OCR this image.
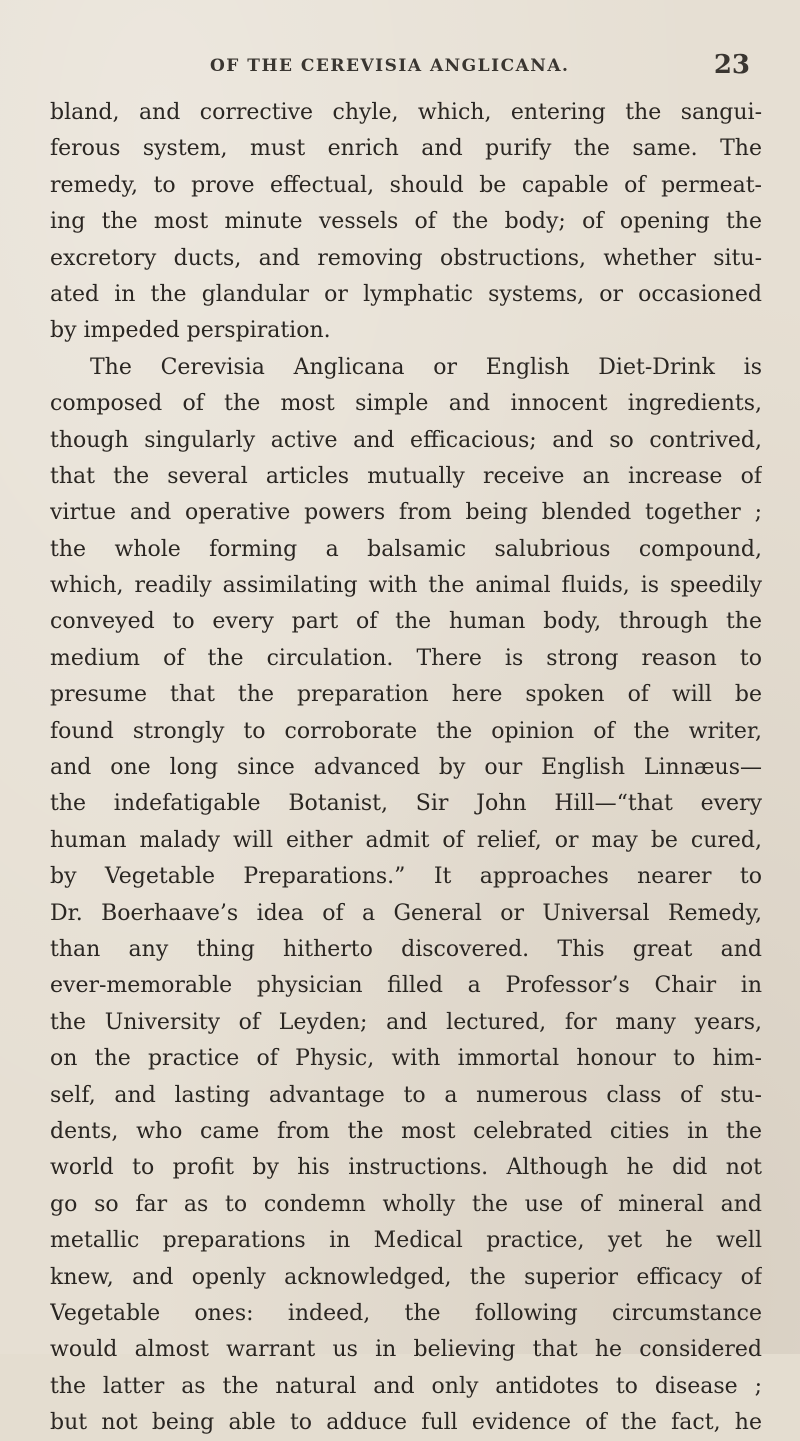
OF THE CEREVISIA ANGLICANA.	23
bland, and corrective chyle, which, entering the sangui-
ferous system, must enrich and purify the same. The
remedy, to prove effectual, should be capable of permeat-
ing the most minute vessels of the body; of opening the
excretory ducts, and removing obstructions, whether situ-
ated in the glandular or lymphatic systems, or occasioned
by impeded perspiration.
The Cerevisia Anglicana or English Diet-Drink is
composed of the most simple and innocent ingredients,
though singularly active and efficacious; and so contrived,
that the several articles mutually receive an increase of
virtue and operative powers from being blended together ;
the whole forming a balsamic salubrious compound,
which, readily assimilating with the animal fluids, is speedily
conveyed to every part of the human body, through the
medium of the circulation. There is strong reason to
presume that the preparation here spoken of will be
found strongly to corroborate the opinion of the writer,
and one long since advanced by our English Linnæus—
the indefatigable Botanist, Sir John Hill—“that every
human malady will either admit of relief, or may be cured,
by Vegetable Preparations.” It approaches nearer to
Dr. Boerhaave’s idea of a General or Universal Remedy,
than any thing hitherto discovered. This great and
ever-memorable physician filled a Professor’s Chair in
the University of Leyden; and lectured, for many years,
on the practice of Physic, with immortal honour to him-
self, and lasting advantage to a numerous class of stu-
dents, who came from the most celebrated cities in the
world to profit by his instructions. Although he did not
go so far as to condemn wholly the use of mineral and
metallic preparations in Medical practice, yet he well
knew, and openly acknowledged, the superior efficacy of
Vegetable ones: indeed, the following circumstance
would almost warrant us in believing that he considered
the latter as the natural and only antidotes to disease ;
but not being able to adduce full evidence of the fact, he
